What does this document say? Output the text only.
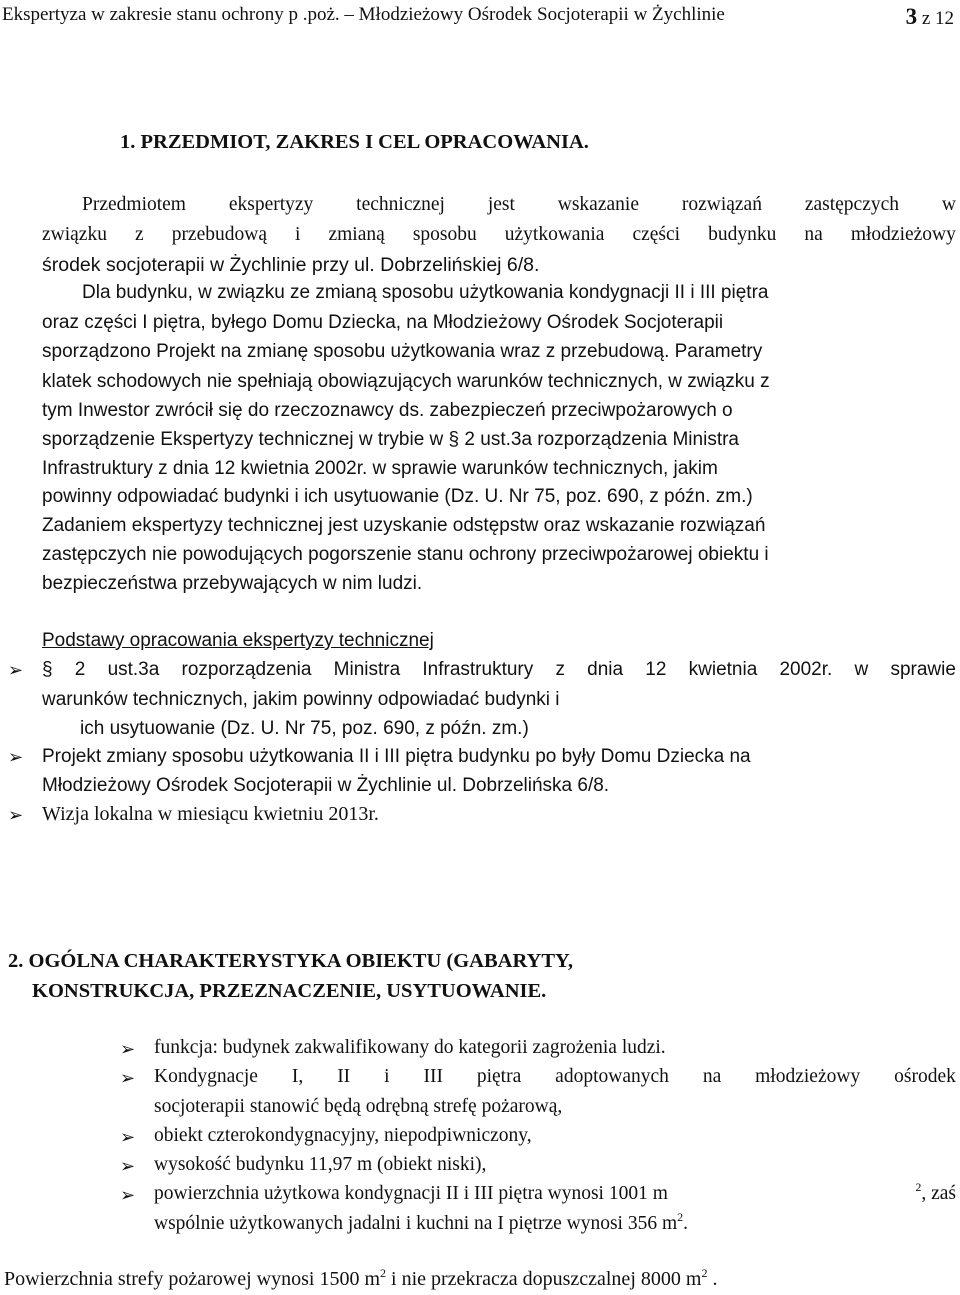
Ekspertyza w zakresie stanu ochrony p .poż. – Młodzieżowy Ośrodek Socjoterapii w Żychlinie	3 z 12
1. PRZEDMIOT, ZAKRES I CEL OPRACOWANIA.
Przedmiotem ekspertyzy technicznej jest wskazanie rozwiązań zastępczych w
związku z przebudową i zmianą sposobu użytkowania części budynku na młodzieżowy
środek socjoterapii w Żychlinie przy ul. Dobrzelińskiej 6/8.
Dla budynku, w związku ze zmianą sposobu użytkowania kondygnacji II i III piętra
oraz części I piętra, byłego Domu Dziecka, na Młodzieżowy Ośrodek Socjoterapii
sporządzono Projekt na zmianę sposobu użytkowania wraz z przebudową. Parametry
klatek schodowych nie spełniają obowiązujących warunków technicznych, w związku z
tym Inwestor zwrócił się do rzeczoznawcy ds. zabezpieczeń przeciwpożarowych o
sporządzenie Ekspertyzy technicznej w trybie w § 2 ust.3a rozporządzenia Ministra
Infrastruktury z dnia 12 kwietnia 2002r. w sprawie warunków technicznych, jakim
powinny odpowiadać budynki i ich usytuowanie (Dz. U. Nr 75, poz. 690, z późn. zm.)
Zadaniem ekspertyzy technicznej jest uzyskanie odstępstw oraz wskazanie rozwiązań
zastępczych nie powodujących pogorszenie stanu ochrony przeciwpożarowej obiektu i
bezpieczeństwa przebywających w nim ludzi.
Podstawy opracowania ekspertyzy technicznej
➢ § 2 ust.3a rozporządzenia Ministra Infrastruktury z dnia 12 kwietnia 2002r. w sprawie
warunków technicznych, jakim powinny odpowiadać budynki i
ich usytuowanie (Dz. U. Nr 75, poz. 690, z późn. zm.)
➢ Projekt zmiany sposobu użytkowania II i III piętra budynku po były Domu Dziecka na
Młodzieżowy Ośrodek Socjoterapii w Żychlinie ul. Dobrzelińska 6/8.
➢ Wizja lokalna w miesiącu kwietniu 2013r.
2. OGÓLNA CHARAKTERYSTYKA OBIEKTU (GABARYTY,
KONSTRUKCJA, PRZEZNACZENIE, USYTUOWANIE.
➢ funkcja: budynek zakwalifikowany do kategorii zagrożenia ludzi.
➢ Kondygnacje I, II i III piętra adoptowanych na młodzieżowy ośrodek
socjoterapii stanowić będą odrębną strefę pożarową,
➢ obiekt czterokondygnacyjny, niepodpiwniczony,
➢ wysokość budynku 11,97 m (obiekt niski),
➢ powierzchnia użytkowa kondygnacji II i III piętra wynosi 1001 m	$^2$, zaś
wspólnie użytkowanych jadalni i kuchni na I piętrze wynosi 356 $m^2$.
Powierzchnia strefy pożarowej wynosi 1500 $m^2$ i nie przekracza dopuszczalnej 8000 $m^2$ .
